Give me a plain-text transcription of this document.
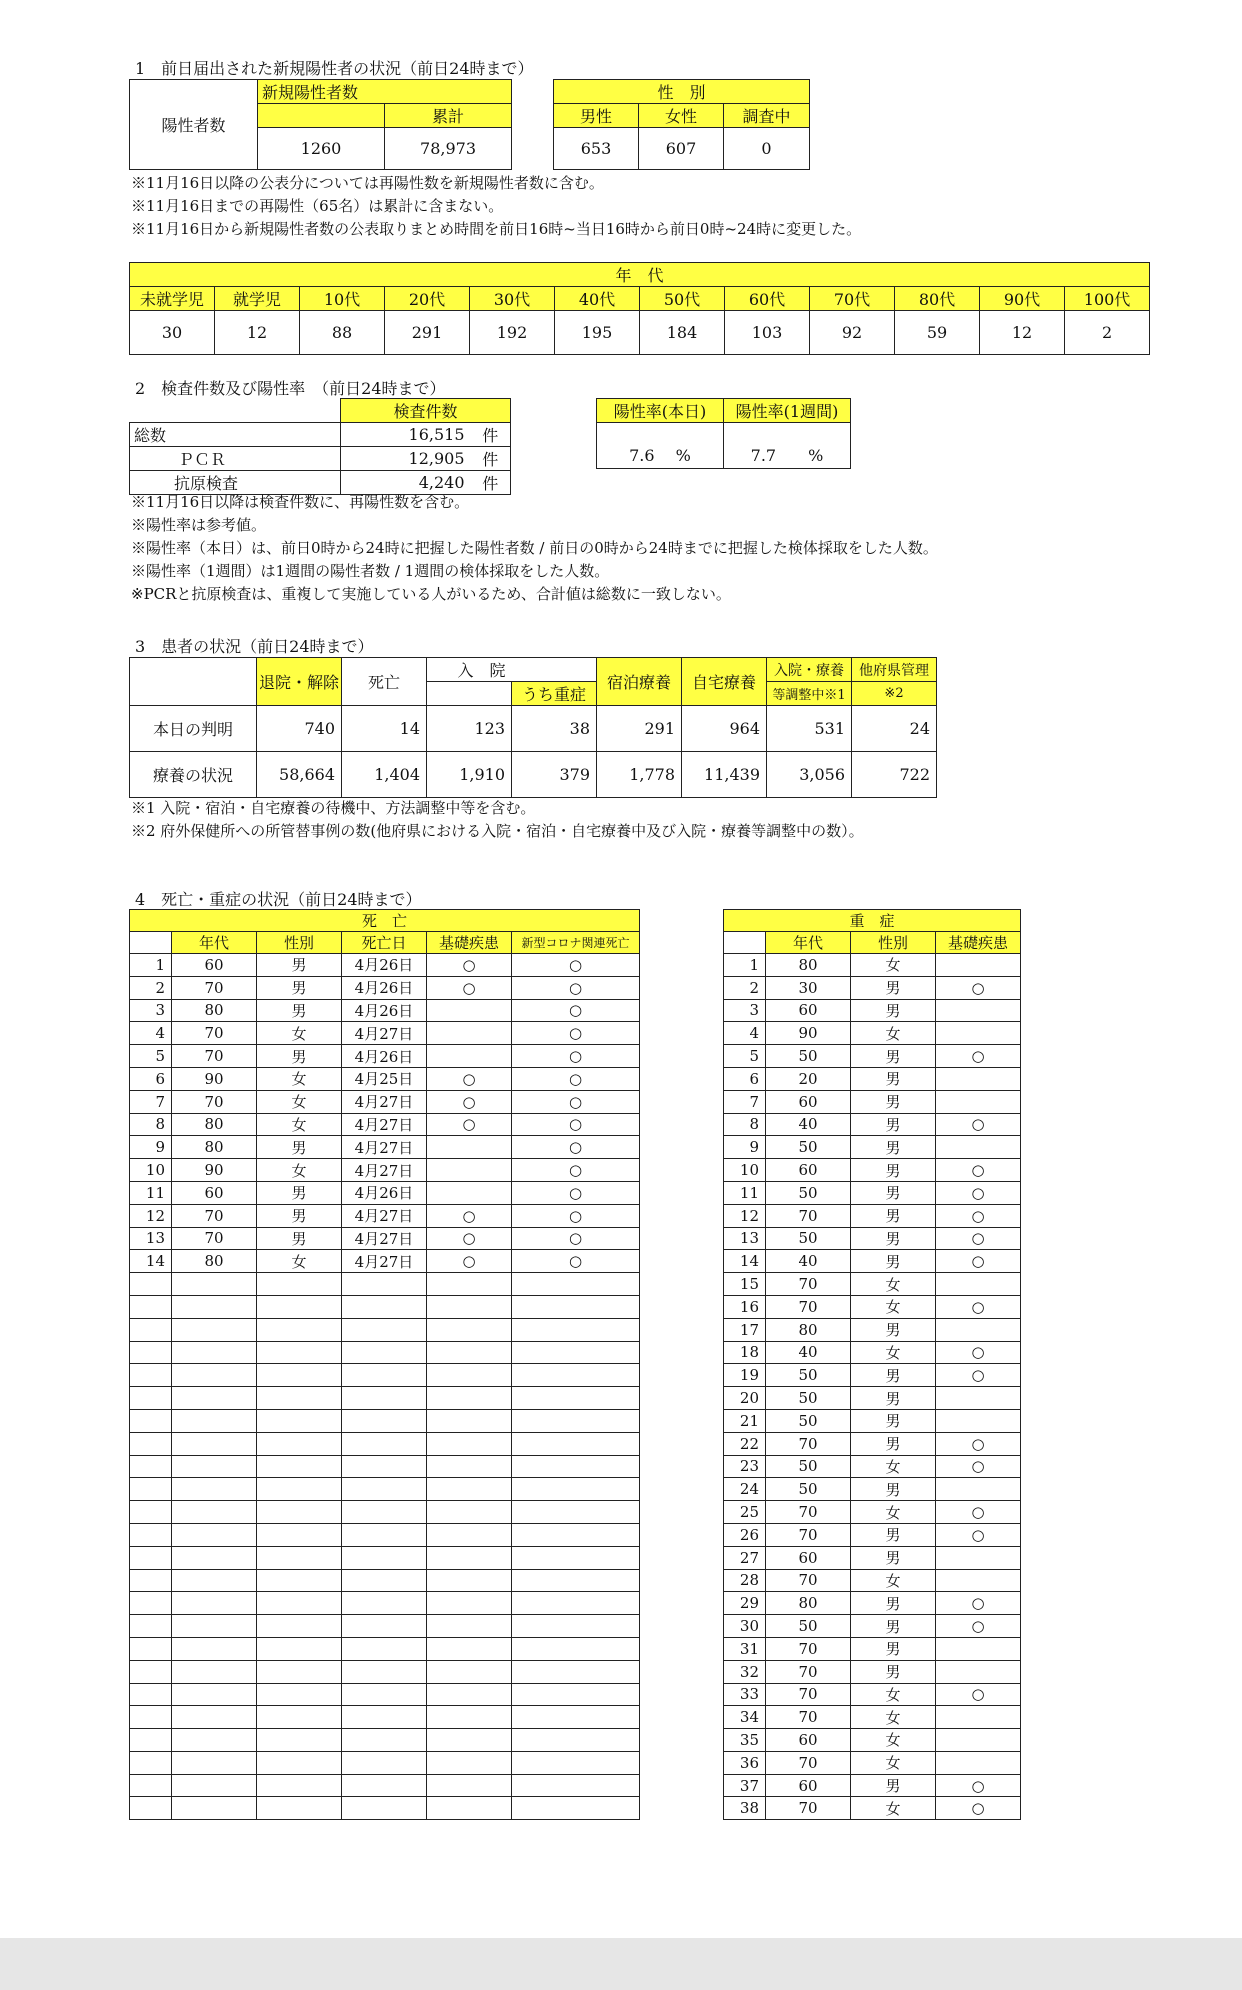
1　前日届出された新規陽性者の状況（前日24時まで）
陽性者数	新規陽性者数	
		累計
	1260	78,973
性　別		
男性	女性	調査中
653	607	0
※11月16日以降の公表分については再陽性数を新規陽性者数に含む。
※11月16日までの再陽性（65名）は累計に含まない。
※11月16日から新規陽性者数の公表取りまとめ時間を前日16時~当日16時から前日0時~24時に変更した。
年　代											
未就学児	就学児	10代	20代	30代	40代	50代	60代	70代	80代	90代	100代
30	12	88	291	192	195	184	103	92	59	12	2
2　検査件数及び陽性率　（前日24時まで）
	検査件数	
総数	16,515	件
ＰＣＲ	12,905	件
抗原検査	4,240	件
陽性率(本日)	陽性率(1週間)
7.6　 %	7.7　　 %
※11月16日以降は検査件数に、再陽性数を含む。
※陽性率は参考値。
※陽性率（本日）は、前日0時から24時に把握した陽性者数 / 前日の0時から24時までに把握した検体採取をした人数。
※陽性率（1週間）は1週間の陽性者数 / 1週間の検体採取をした人数。
※PCRと抗原検査は、重複して実施している人がいるため、合計値は総数に一致しない。
3　患者の状況（前日24時まで）
	退院・解除	死亡	入　院		宿泊療養	自宅療養	入院・療養	他府県管理
				うち重症			等調整中※1	※2
本日の判明	740	14	123	38	291	964	531	24
療養の状況	58,664	1,404	1,910	379	1,778	11,439	3,056	722
※1 入院・宿泊・自宅療養の待機中、方法調整中等を含む。
※2 府外保健所への所管替事例の数(他府県における入院・宿泊・自宅療養中及び入院・療養等調整中の数）。
4　死亡・重症の状況（前日24時まで）
死　亡					
	年代	性別	死亡日	基礎疾患	新型コロナ関連死亡
1	60	男	4月26日	○	○
2	70	男	4月26日	○	○
3	80	男	4月26日		○
4	70	女	4月27日		○
5	70	男	4月26日		○
6	90	女	4月25日	○	○
7	70	女	4月27日	○	○
8	80	女	4月27日	○	○
9	80	男	4月27日		○
10	90	女	4月27日		○
11	60	男	4月26日		○
12	70	男	4月27日	○	○
13	70	男	4月27日	○	○
14	80	女	4月27日	○	○

重　症			
	年代	性別	基礎疾患
1	80	女	
2	30	男	○
3	60	男	
4	90	女	
5	50	男	○
6	20	男	
7	60	男	
8	40	男	○
9	50	男	
10	60	男	○
11	50	男	○
12	70	男	○
13	50	男	○
14	40	男	○
15	70	女	
16	70	女	○
17	80	男	
18	40	女	○
19	50	男	○
20	50	男	
21	50	男	
22	70	男	○
23	50	女	○
24	50	男	
25	70	女	○
26	70	男	○
27	60	男	
28	70	女	
29	80	男	○
30	50	男	○
31	70	男	
32	70	男	
33	70	女	○
34	70	女	
35	60	女	
36	70	女	
37	60	男	○
38	70	女	○
